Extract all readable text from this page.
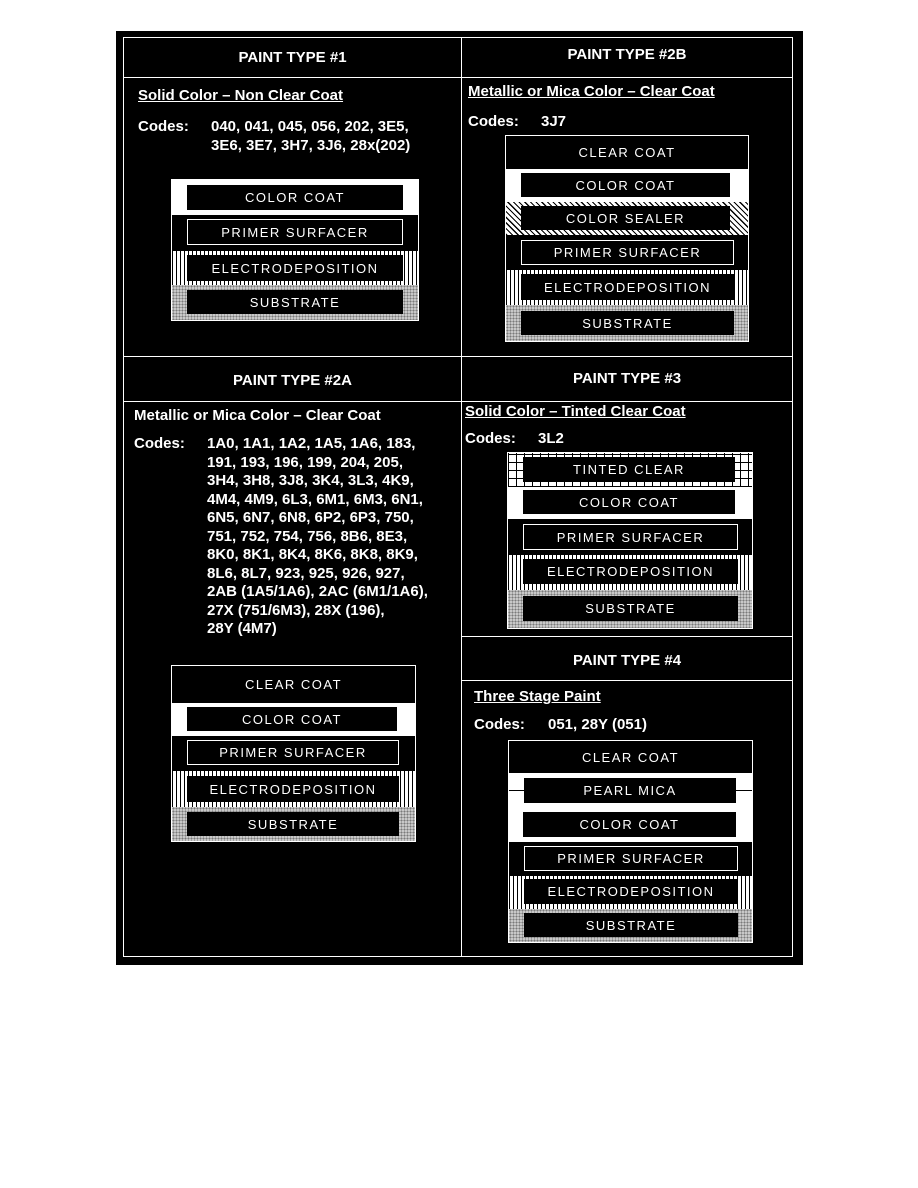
PAINT TYPE #1
Solid Color – Non Clear Coat
Codes: 040, 041, 045, 056, 202, 3E5,
3E6, 3E7, 3H7, 3J6, 28x(202)
COLOR COAT
PRIMER SURFACER
ELECTRODEPOSITION
SUBSTRATE
PAINT TYPE #2B
Metallic or Mica Color – Clear Coat
Codes: 3J7
CLEAR COAT
COLOR COAT
COLOR SEALER
PRIMER SURFACER
ELECTRODEPOSITION
SUBSTRATE
PAINT TYPE #2A
Metallic or Mica Color – Clear Coat
Codes: 1A0, 1A1, 1A2, 1A5, 1A6, 183,
191, 193, 196, 199, 204, 205,
3H4, 3H8, 3J8, 3K4, 3L3, 4K9,
4M4, 4M9, 6L3, 6M1, 6M3, 6N1,
6N5, 6N7, 6N8, 6P2, 6P3, 750,
751, 752, 754, 756, 8B6, 8E3,
8K0, 8K1, 8K4, 8K6, 8K8, 8K9,
8L6, 8L7, 923, 925, 926, 927,
2AB (1A5/1A6), 2AC (6M1/1A6),
27X (751/6M3), 28X (196),
28Y (4M7)
CLEAR COAT
COLOR COAT
PRIMER SURFACER
ELECTRODEPOSITION
SUBSTRATE
PAINT TYPE #3
Solid Color – Tinted Clear Coat
Codes: 3L2
TINTED CLEAR
COLOR COAT
PRIMER SURFACER
ELECTRODEPOSITION
SUBSTRATE
PAINT TYPE #4
Three Stage Paint
Codes: 051, 28Y (051)
CLEAR COAT
PEARL MICA
COLOR COAT
PRIMER SURFACER
ELECTRODEPOSITION
SUBSTRATE
